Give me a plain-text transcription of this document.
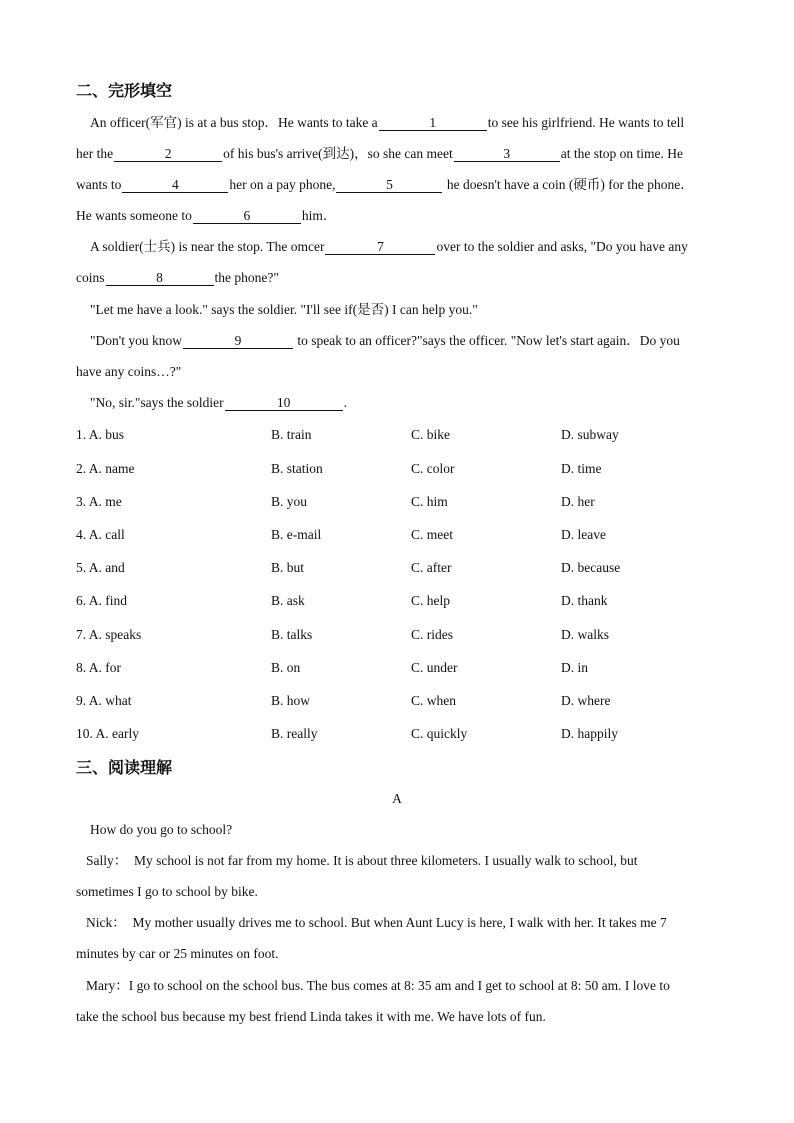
二、完形填空
An officer(军官) is at a bus stop．He wants to take a	1	to see his girlfriend. He wants to tell
her the	2	of his bus's arrive(到达)，so she can meet	3	at the stop on time. He
wants to	4	her on a pay phone,	5	he doesn't have a coin (硬币) for the phone．
He wants someone to	6	him．
A soldier(士兵) is near the stop. The omcer	7	over to the soldier and asks, "Do you have any
coins	8	the phone?"
"Let me have a look." says the soldier. "I'll see if(是否) I can help you."
"Don't you know	9	to speak to an officer?"says the officer. "Now let's start again．Do you
have any coins…?"
"No, sir."says the soldier	10	.
1. A. bus	B. train	C. bike	D. subway
2. A. name	B. station	C. color	D. time
3. A. me	B. you	C. him	D. her
4. A. call	B. e-mail	C. meet	D. leave
5. A. and	B. but	C. after	D. because
6. A. find	B. ask	C. help	D. thank
7. A. speaks	B. talks	C. rides	D. walks
8. A. for	B. on	C. under	D. in
9. A. what	B. how	C. when	D. where
10. A. early	B. really	C. quickly	D. happily
三、阅读理解
A
How do you go to school?
Sally：　My school is not far from my home. It is about three kilometers. I usually walk to school, but
sometimes I go to school by bike.
Nick：　My mother usually drives me to school. But when Aunt Lucy is here, I walk with her. It takes me 7
minutes by car or 25 minutes on foot.
Mary：I go to school on the school bus. The bus comes at 8: 35 am and I get to school at 8: 50 am. I love to
take the school bus because my best friend Linda takes it with me. We have lots of fun.
